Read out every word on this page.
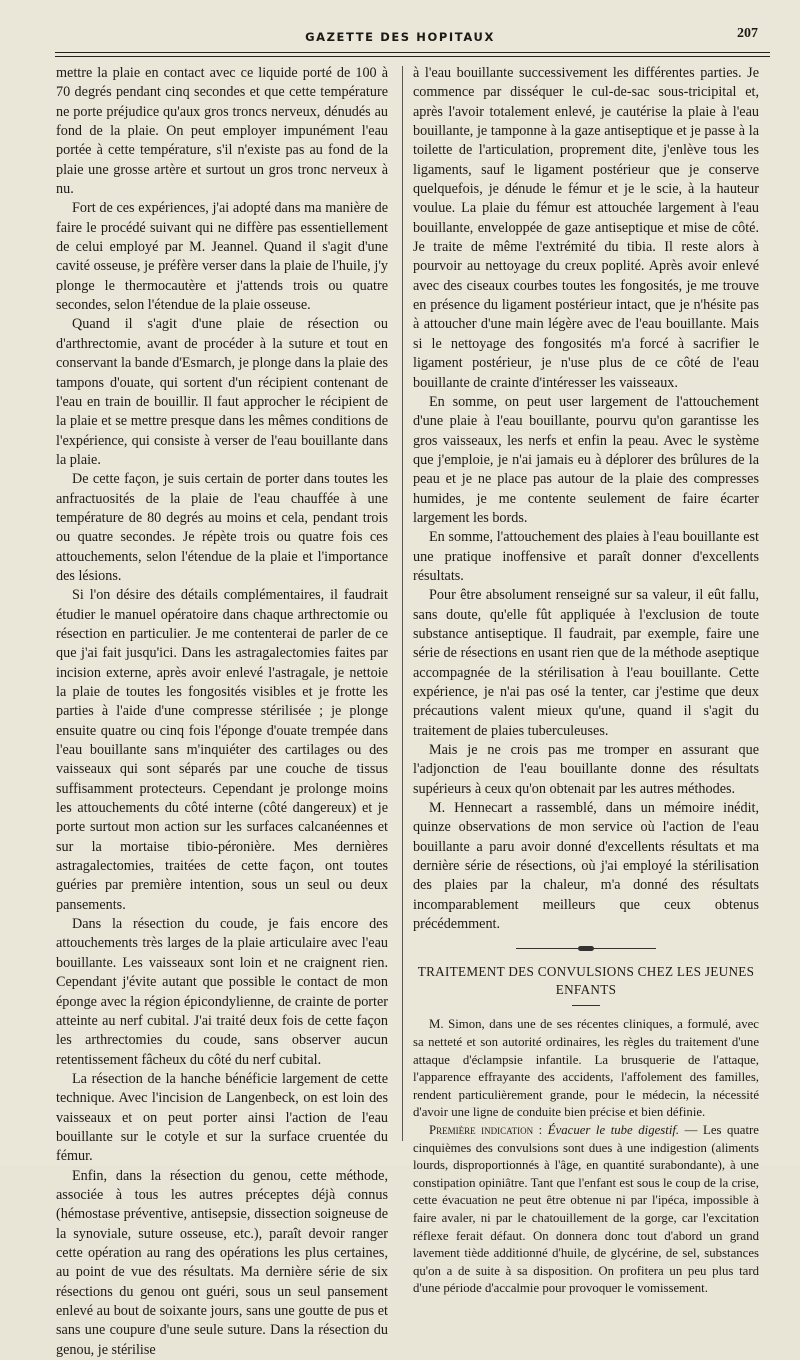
GAZETTE DES HOPITAUX	207

mettre la plaie en contact avec ce liquide porté de 100 à 70 degrés pendant cinq secondes et que cette température ne porte préjudice qu'aux gros troncs nerveux, dénudés au fond de la plaie. On peut employer impunément l'eau portée à cette température, s'il n'existe pas au fond de la plaie une grosse artère et surtout un gros tronc nerveux à nu.

Fort de ces expériences, j'ai adopté dans ma manière de faire le procédé suivant qui ne diffère pas essentiellement de celui employé par M. Jeannel. Quand il s'agit d'une cavité osseuse, je préfère verser dans la plaie de l'huile, j'y plonge le thermocautère et j'attends trois ou quatre secondes, selon l'étendue de la plaie osseuse.

Quand il s'agit d'une plaie de résection ou d'arthrectomie, avant de procéder à la suture et tout en conservant la bande d'Esmarch, je plonge dans la plaie des tampons d'ouate, qui sortent d'un récipient contenant de l'eau en train de bouillir. Il faut approcher le récipient de la plaie et se mettre presque dans les mêmes conditions de l'expérience, qui consiste à verser de l'eau bouillante dans la plaie.

De cette façon, je suis certain de porter dans toutes les anfractuosités de la plaie de l'eau chauffée à une température de 80 degrés au moins et cela, pendant trois ou quatre secondes. Je répète trois ou quatre fois ces attouchements, selon l'étendue de la plaie et l'importance des lésions.

Si l'on désire des détails complémentaires, il faudrait étudier le manuel opératoire dans chaque arthrectomie ou résection en particulier. Je me contenterai de parler de ce que j'ai fait jusqu'ici. Dans les astragalectomies faites par incision externe, après avoir enlevé l'astragale, je nettoie la plaie de toutes les fongosités visibles et je frotte les parties à l'aide d'une compresse stérilisée ; je plonge ensuite quatre ou cinq fois l'éponge d'ouate trempée dans l'eau bouillante sans m'inquiéter des cartilages ou des vaisseaux qui sont séparés par une couche de tissus suffisamment protecteurs. Cependant je prolonge moins les attouchements du côté interne (côté dangereux) et je porte surtout mon action sur les surfaces calcanéennes et sur la mortaise tibio-péronière. Mes dernières astragalectomies, traitées de cette façon, ont toutes guéries par première intention, sous un seul ou deux pansements.

Dans la résection du coude, je fais encore des attouchements très larges de la plaie articulaire avec l'eau bouillante. Les vaisseaux sont loin et ne craignent rien. Cependant j'évite autant que possible le contact de mon éponge avec la région épicondylienne, de crainte de porter atteinte au nerf cubital. J'ai traité deux fois de cette façon les arthrectomies du coude, sans observer aucun retentissement fâcheux du côté du nerf cubital.

La résection de la hanche bénéficie largement de cette technique. Avec l'incision de Langenbeck, on est loin des vaisseaux et on peut porter ainsi l'action de l'eau bouillante sur le cotyle et sur la surface cruentée du fémur.

Enfin, dans la résection du genou, cette méthode, associée à tous les autres préceptes déjà connus (hémostase préventive, antisepsie, dissection soigneuse de la synoviale, suture osseuse, etc.), paraît devoir ranger cette opération au rang des opérations les plus certaines, au point de vue des résultats. Ma dernière série de six résections du genou ont guéri, sous un seul pansement enlevé au bout de soixante jours, sans une goutte de pus et sans une coupure d'une seule suture. Dans la résection du genou, je stérilise

à l'eau bouillante successivement les différentes parties. Je commence par disséquer le cul-de-sac sous-tricipital et, après l'avoir totalement enlevé, je cautérise la plaie à l'eau bouillante, je tamponne à la gaze antiseptique et je passe à la toilette de l'articulation, proprement dite, j'enlève tous les ligaments, sauf le ligament postérieur que je conserve quelquefois, je dénude le fémur et je le scie, à la hauteur voulue. La plaie du fémur est attouchée largement à l'eau bouillante, enveloppée de gaze antiseptique et mise de côté. Je traite de même l'extrémité du tibia. Il reste alors à pourvoir au nettoyage du creux poplité. Après avoir enlevé avec des ciseaux courbes toutes les fongosités, je me trouve en présence du ligament postérieur intact, que je n'hésite pas à attoucher d'une main légère avec de l'eau bouillante. Mais si le nettoyage des fongosités m'a forcé à sacrifier le ligament postérieur, je n'use plus de ce côté de l'eau bouillante de crainte d'intéresser les vaisseaux.

En somme, on peut user largement de l'attouchement d'une plaie à l'eau bouillante, pourvu qu'on garantisse les gros vaisseaux, les nerfs et enfin la peau. Avec le système que j'emploie, je n'ai jamais eu à déplorer des brûlures de la peau et je ne place pas autour de la plaie des compresses humides, je me contente seulement de faire écarter largement les bords.

En somme, l'attouchement des plaies à l'eau bouillante est une pratique inoffensive et paraît donner d'excellents résultats.

Pour être absolument renseigné sur sa valeur, il eût fallu, sans doute, qu'elle fût appliquée à l'exclusion de toute substance antiseptique. Il faudrait, par exemple, faire une série de résections en usant rien que de la méthode aseptique accompagnée de la stérilisation à l'eau bouillante. Cette expérience, je n'ai pas osé la tenter, car j'estime que deux précautions valent mieux qu'une, quand il s'agit du traitement de plaies tuberculeuses.

Mais je ne crois pas me tromper en assurant que l'adjonction de l'eau bouillante donne des résultats supérieurs à ceux qu'on obtenait par les autres méthodes.

M. Hennecart a rassemblé, dans un mémoire inédit, quinze observations de mon service où l'action de l'eau bouillante a paru avoir donné d'excellents résultats et ma dernière série de résections, où j'ai employé la stérilisation des plaies par la chaleur, m'a donné des résultats incomparablement meilleurs que ceux obtenus précédemment.

TRAITEMENT DES CONVULSIONS CHEZ LES JEUNES ENFANTS

M. Simon, dans une de ses récentes cliniques, a formulé, avec sa netteté et son autorité ordinaires, les règles du traitement d'une attaque d'éclampsie infantile. La brusquerie de l'attaque, l'apparence effrayante des accidents, l'affolement des familles, rendent particulièrement grande, pour le médecin, la nécessité d'avoir une ligne de conduite bien précise et bien définie.

Première indication : Évacuer le tube digestif. — Les quatre cinquièmes des convulsions sont dues à une indigestion (aliments lourds, disproportionnés à l'âge, en quantité surabondante), à une constipation opiniâtre. Tant que l'enfant est sous le coup de la crise, cette évacuation ne peut être obtenue ni par l'ipéca, impossible à faire avaler, ni par le chatouillement de la gorge, car l'excitation réflexe ferait défaut. On donnera donc tout d'abord un grand lavement tiède additionné d'huile, de glycérine, de sel, substances qu'on a de suite à sa disposition. On profitera un peu plus tard d'une période d'accalmie pour provoquer le vomissement.
